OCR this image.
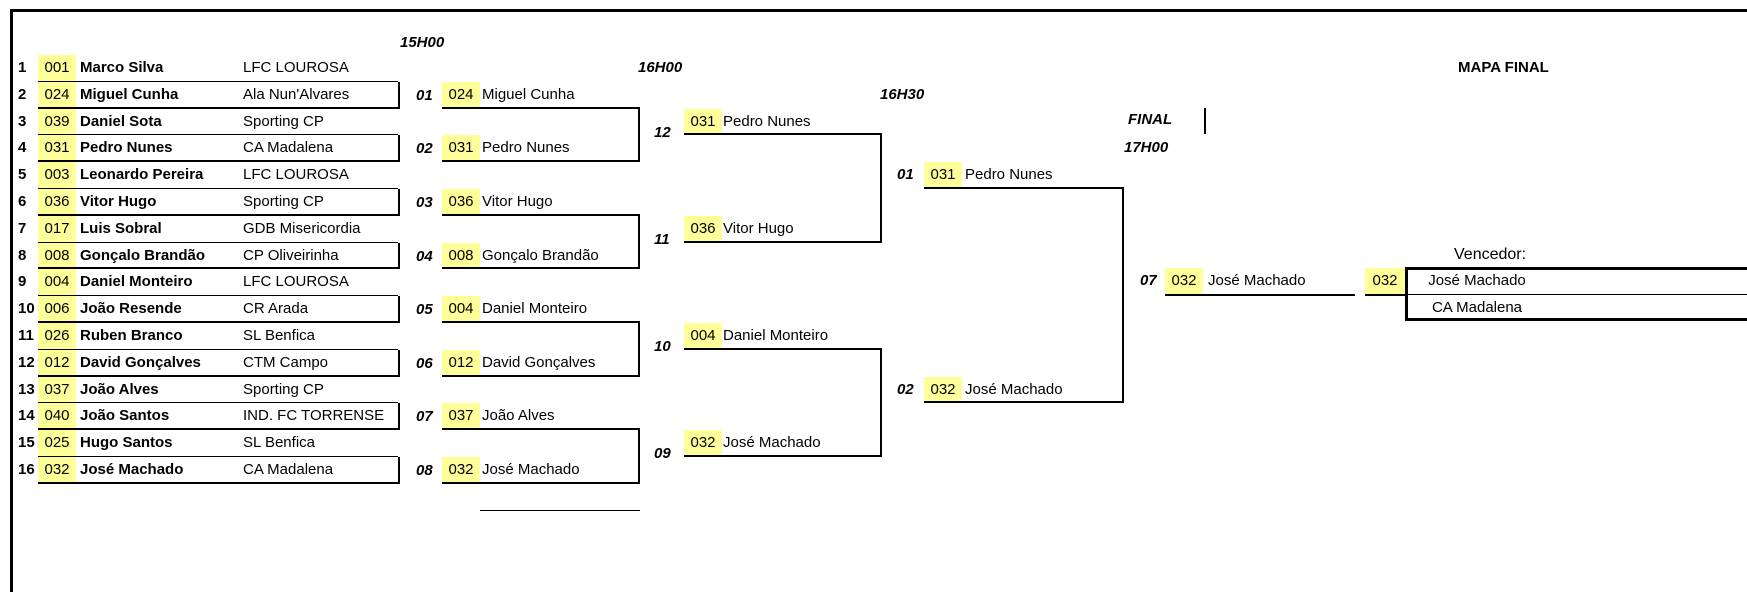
MAPA FINAL
15H00
16H00
16H30
FINAL
17H00
1	001 Marco Silva	LFC LOUROSA
2	024 Miguel Cunha	Ala Nun'Alvares
3	039 Daniel Sota	Sporting CP
4	031 Pedro Nunes	CA Madalena
5	003 Leonardo Pereira	LFC LOUROSA
6	036 Vitor Hugo	Sporting CP
7	017 Luis Sobral	GDB Misericordia
8	008 Gonçalo Brandão	CP Oliveirinha
9	004 Daniel Monteiro	LFC LOUROSA
10 006 João Resende	CR Arada
11 026 Ruben Branco	SL Benfica
12 012 David Gonçalves	CTM Campo
13 037 João Alves	Sporting CP
14 040 João Santos	IND. FC TORRENSE
15 025 Hugo Santos	SL Benfica
16 032 José Machado	CA Madalena
01	024 Miguel Cunha
02	031 Pedro Nunes
03	036 Vitor Hugo
04	008 Gonçalo Brandão
05	004 Daniel Monteiro
06	012 David Gonçalves
07	037 João Alves
08	032 José Machado
12
031 Pedro Nunes
11
036 Vitor Hugo
10
004 Daniel Monteiro
09
032 José Machado
01	031 Pedro Nunes
02	032 José Machado
07 032 José Machado
Vencedor:
032	José Machado
CA Madalena
